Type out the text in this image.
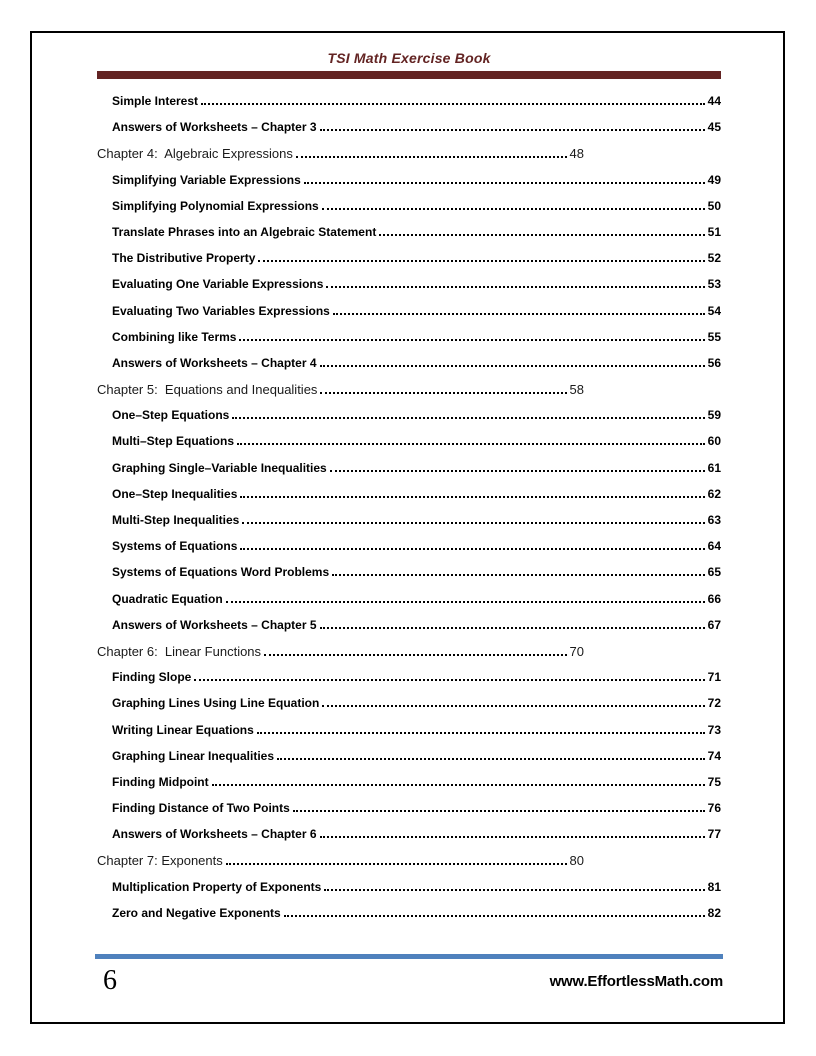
TSI Math Exercise Book
Simple Interest	44
Answers of Worksheets – Chapter 3	45
Chapter 4:  Algebraic Expressions	48
Simplifying Variable Expressions	49
Simplifying Polynomial Expressions	50
Translate Phrases into an Algebraic Statement	51
The Distributive Property	52
Evaluating One Variable Expressions	53
Evaluating Two Variables Expressions	54
Combining like Terms	55
Answers of Worksheets – Chapter 4	56
Chapter 5:  Equations and Inequalities	58
One–Step Equations	59
Multi–Step Equations	60
Graphing Single–Variable Inequalities	61
One–Step Inequalities	62
Multi-Step Inequalities	63
Systems of Equations	64
Systems of Equations Word Problems	65
Quadratic Equation	66
Answers of Worksheets – Chapter 5	67
Chapter 6:  Linear Functions	70
Finding Slope	71
Graphing Lines Using Line Equation	72
Writing Linear Equations	73
Graphing Linear Inequalities	74
Finding Midpoint	75
Finding Distance of Two Points	76
Answers of Worksheets – Chapter 6	77
Chapter 7: Exponents	80
Multiplication Property of Exponents	81
Zero and Negative Exponents	82
6	www.EffortlessMath.com
